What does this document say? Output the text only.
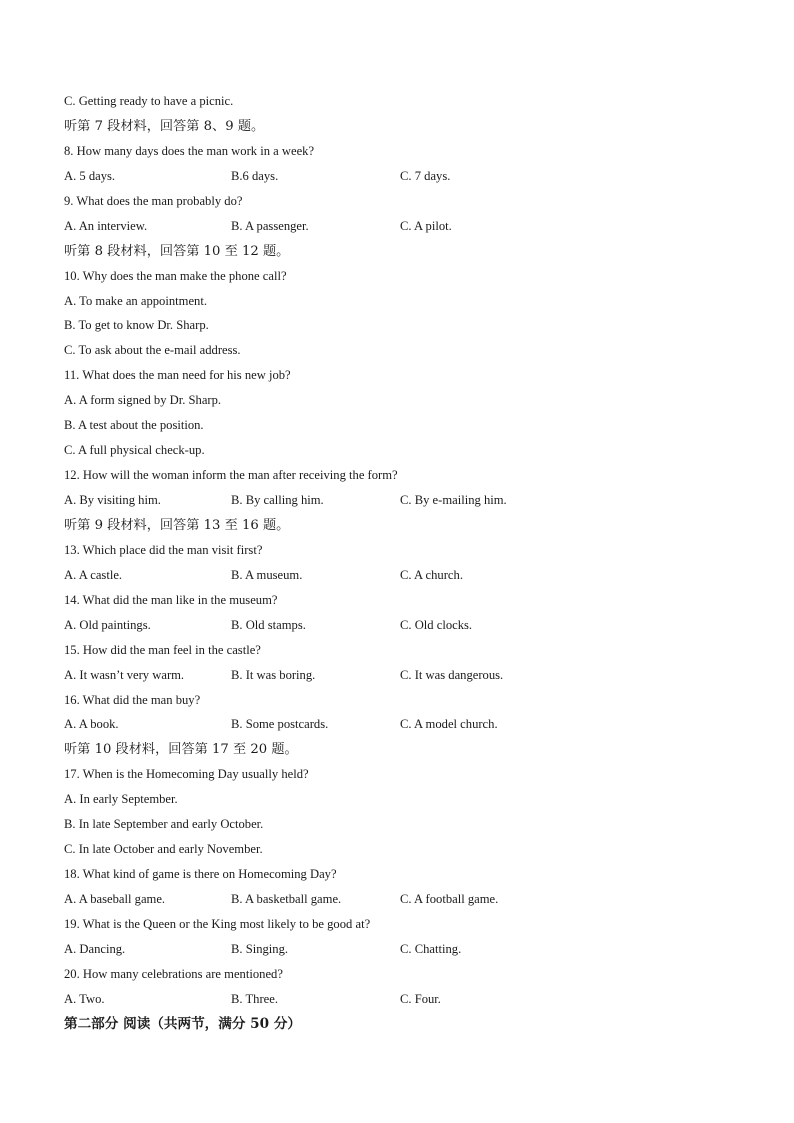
C. Getting ready to have a picnic.
听第 7 段材料，回答第 8、9 题。
8. How many days does the man work in a week?
A. 5 days.	B.6 days.	C. 7 days.
9. What does the man probably do?
A. An interview.	B. A passenger.	C. A pilot.
听第 8 段材料，回答第 10 至 12 题。
10. Why does the man make the phone call?
A. To make an appointment.
B. To get to know Dr. Sharp.
C. To ask about the e-mail address.
11. What does the man need for his new job?
A. A form signed by Dr. Sharp.
B. A test about the position.
C. A full physical check-up.
12. How will the woman inform the man after receiving the form?
A. By visiting him.	B. By calling him.	C. By e-mailing him.
听第 9 段材料，回答第 13 至 16 题。
13. Which place did the man visit first?
A. A castle.	B. A museum.	C. A church.
14. What did the man like in the museum?
A. Old paintings.	B. Old stamps.	C. Old clocks.
15. How did the man feel in the castle?
A. It wasn’t very warm.	B. It was boring.	C. It was dangerous.
16. What did the man buy?
A. A book.	B. Some postcards.	C. A model church.
听第 10 段材料，回答第 17 至 20 题。
17. When is the Homecoming Day usually held?
A. In early September.
B. In late September and early October.
C. In late October and early November.
18. What kind of game is there on Homecoming Day?
A. A baseball game.	B. A basketball game.	C. A football game.
19. What is the Queen or the King most likely to be good at?
A. Dancing.	B. Singing.	C. Chatting.
20. How many celebrations are mentioned?
A. Two.	B. Three.	C. Four.
第二部分 阅读（共两节，满分 50 分）
